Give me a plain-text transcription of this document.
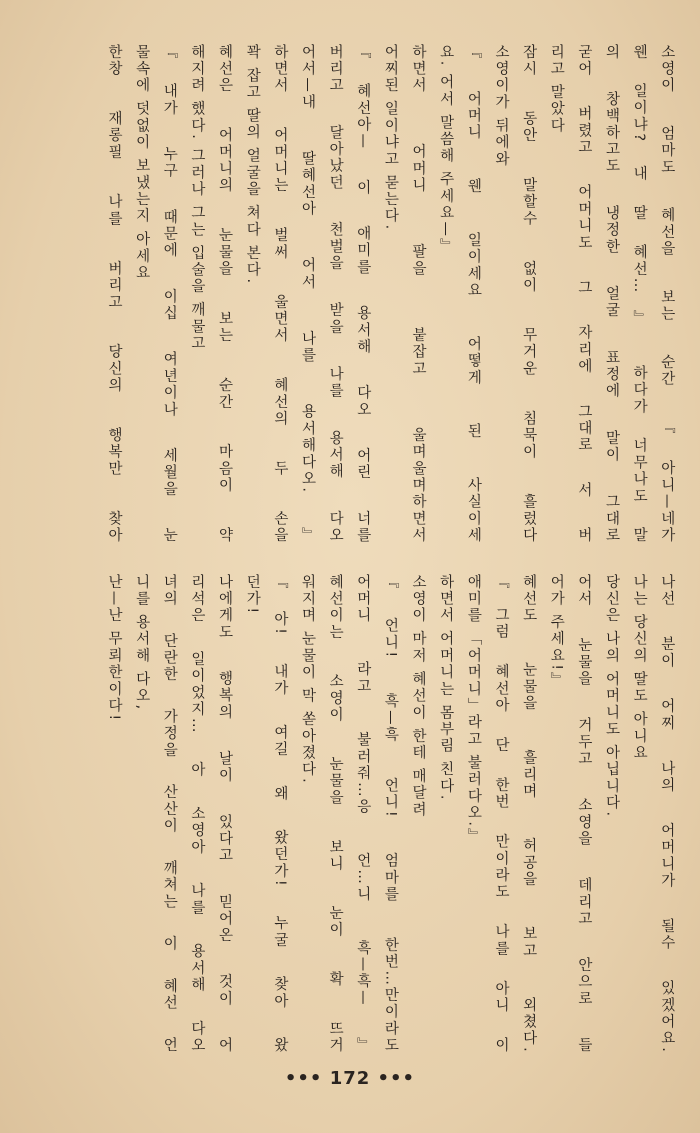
소영이 엄마도 혜선을 보는 순간 『아니—네가
웬 일이냐? 내 딸 혜선…』 하다가 너무나도 말
의 창백하고도 냉정한 얼굴 표정에 말이 그대로
굳어 버렸고 어머니도 그 자리에 그대로 서 버
리고 말았다
잠시 동안 말할수 없이 무거운 침묵이 흘렀다
소영이가 뒤에와
『어머니 웬 일이세요 어떻게 된 사실이세
요. 어서 말씀해 주세요—』
하면서 어머니 팔을 붙잡고 울며울며하면서
어찌된 일이냐고 묻는다.
『혜선아— 이 애미를 용서해 다오 어린 너를
버리고 달아났던 천벌을 받을 나를 용서해 다오
어서—내 딸혜선아 어서 나를 용서해다오.』
하면서 어머니는 벌써 울면서 혜선의 두 손을
꽉 잡고 딸의 얼굴을 쳐다 본다.
혜선은 어머니의 눈물을 보는 순간 마음이 약
해지려 했다. 그러나 그는 입술을 깨물고
『내가 누구 때문에 이십 여년이나 세월을 눈
물속에 덧없이 보냈는지 아세요
한창 재롱필 나를 버리고 당신의 행복만 찾아
나선 분이 어찌 나의 어머니가 될수 있겠어요.
나는 당신의 딸도 아니요
당신은 나의 어머니도 아닙니다.
어서 눈물을 거두고 소영을 데리고 안으로 들
어가 주세요!』
혜선도 눈물을 흘리며 허공을 보고 외쳤다.
『그럼 혜선아 단 한번 만이라도 나를 아니 이
애미를 「어머니」라고 불러다오.』
하면서 어머니는 몸부림 친다.
소영이 마저 혜선이 한테 매달려
『언니! 흑—흑 언니! 엄마를 한번…만이라도
어머니 라고 불러줘…응 언…니 흑—흑—』
혜선이는 소영이 눈물을 보니 눈이 확 뜨거
워지며 눈물이 막 쏟아졌다.
『아! 내가 여길 왜 왔던가! 누굴 찾아 왔
던가!
나에게도 행복의 날이 있다고 믿어온 것이 어
리석은 일이었지… 아 소영아 나를 용서해 다오
녀의 단란한 가정을 산산이 깨쳐는 이 혜선 언
니를 용서해 다오,
난—난 무뢰한이다!
••• 172 •••
